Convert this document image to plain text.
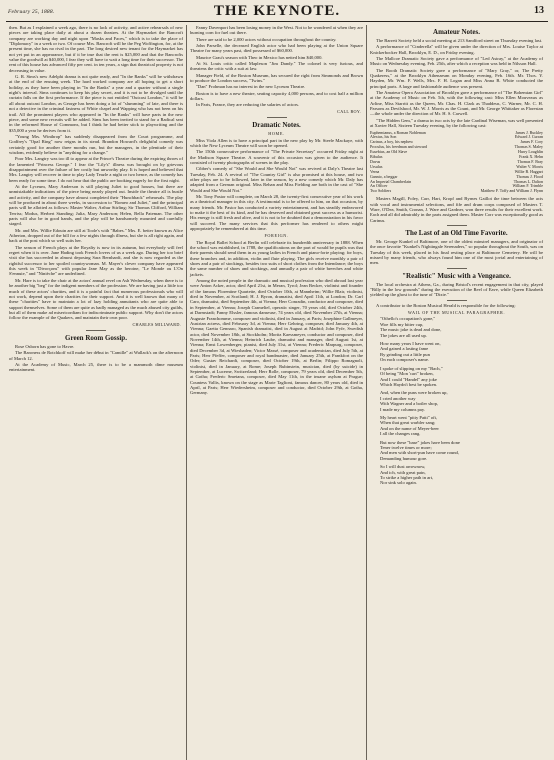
February 25, 1888.	THE KEYNOTE.	13

then. But as I explained a week ago, there is no lack of activity, and active rehearsals of new pieces are taking place daily at about a dozen theatres. At the Haymarket the Bancroft company are working day and night upon "Masks and Faces," which is to take the place of "Diplomacy" in a week or two. Of course Mrs. Bancroft will be the Peg Woffington, for, at the present time, she has no rival in the part. The long desired new tenant for the Haymarket has not yet put in an appearance, but if it be true that the rent is $25,000 and that the Bancrofts value the goodwill at $40,000, I fear they will have to wait a long time for their successor. The rent of this house has advanced fifty per cent. in ten years, a sign that theatrical property is not decreasing in value.

G. R. Sims's new Adelphi drama is not quite ready, and "In the Ranks" will be withdrawn at the end of the ensuing week. The hard worked company are all hoping to get a short holiday, as they have been playing in "In the Ranks" a year and a quarter without a single night's interval. Sims continues to keep his play secret, and it is not to be divulged until the curtain falls on the first performance. If the piece is not entitled "Outcast London," it will be all about outcast London, as George has been doing a lot of "slumming" of late, and there is not a detective in the criminal fastness of White chapel and Wapping who has not been on his trail. All the prominent players who appeared in "In the Ranks" will have parts in the new piece, and some new recruits will be added. Sims has been invited to stand for a Radical seat in the reformed House of Commons, but I think he had better stick to playwriting and the $35,000 a year he derives from it.

"Young Mrs. Winthrop" has suddenly disappeared from the Court programme, and Godfrey's "Opal Ring" now reigns in its stead. Brandon Howard's delightful comedy was certainly good for another three months run, but the managers, in the plenitude of their wisdom, evidently believe in "anything for a change."

Poor Mrs. Langtry was too ill to appear at the Prince's Theatre during the expiring throes of the lamented "Princess George." I fear the "Lily's" illness was brought on by grievous disappointment over the failure of her costly but unworthy play. It is hoped and believed that Mrs. Langtry will recover in time to play Lady Teazle a night or two hence, as the comedy has been ready for some time. I do not hear that the public are booking eagerly for the first night.

At the Lyceum, Mary Anderson is still playing Juliet to good houses, but there are unmistakable indications of the piece being nearly played out. Inside the theatre all is bustle and activity, and the company have almost completed their "Hunchback" rehearsals. The play will be produced in about three weeks, in succession to "Romeo and Juliet," and the principal parts will be allotted as follows: Master Walter, Arthur Stirling; Sir Thomas Clifford, William Terriss; Modus, Herbert Standing; Julia, Mary Anderson; Helen, Bella Pateman. The other parts will also be in good hands, and the play will be handsomely mounted and carefully staged.

Mr. and Mrs. Willie Edouin are still at Toole's with "Babes." Mrs. E. better known as Alice Atherton, dropped out of the bill for a few nights through illness, but she is all right again, and back at the post which so well suits her.

The season of French plays at the Royalty is now in its autumn, but everybody will feel regret when it is over. Jane Hading took French lovers of us a week ago. During her too brief visit she has succeeded in almost deposing Sara Bernhardt, and she is now regarded as the rightful successor to her spoiled countrywoman. M. Mayer's clever company have appeared this week in "Divorçons" with popular Jane May as the heroine, "Le Monde ou L'On S'ennuie," and "Ninièche" are underlined.

Mr. Hare is to take the chair at the actors' annual revel on Ash Wednesday, when there is to be another big "beg" for the indigent members of the profession. We are having just a little too much of these actors' charities, and it is a painful fact that numerous professionals who will not work, depend upon their charities for their support. And it is well known that many of these "charities" have to maintain a lot of lazy holding annuitants who are quite able to support themselves. Some of them are quite as badly managed as the much abused city guilds, but all of them make ad misericordiam for indiscriminate public support. Why don't the actors follow the example of the Quakers, and maintain their own poor.

CHARLES MILLWARD.

Green Room Gossip.

Rose Osborn has gone to Havre.

The Baroness de Rotchkoff will make her début in "Camille" at Wallack's on the afternoon of March 12.

At the Academy of Music, March 25, there is to be a mammoth dime museum entertainment.

Fanny Davenport has been losing money in the West. Not to be wondered at when they are burning corn for fuel out there.

There are said to be 2,000 actors without occupation throughout the country.

John Parselle, the deceased English actor who had been playing at the Union Square Theatre for many years past, died possessed of $60,000.

Maurice Grau's season with Theo in Mexico has netted him $40,000.

At St. Louis critic called Mapleson "Jim Dandy." The colonel is very furious, and threatens the critic with a suit at law.

Manager Field, of the Boston Museum, has secured the right from Simmonds and Brown to produce the London success, "Twins."

"Dan" Frohman has no interest in the new Lyceum Theatre.

Boston is to have a new theatre, seating capacity 4,000 persons, and to cost half a million dollars.

In Paris, France, they are reducing the salaries of actors.

CALL BOY.

Dramatic Notes.
HOME.

Miss Viola Allen is to have a principal part in the new play by Mr. Steele Mackaye, with which the New Lyceum Theatre will soon be opened.

The 150th consecutive performance of "The Private Secretary" occurred Friday night at the Madison Square Theatre. A souvenir of this occasion was given to the audience. It consisted of twenty photographs of scenes in the play.

Cibber's comedy of "She Would and She Would Not" was revived at Daly's Theatre last Tuesday, Feb. 24. A revival of "The Country Girl" is also promised at this house, and two other plays are to be followed, later in the season, by a new comedy which Mr. Daly has adapted from a German original. Miss Rehan and Miss Fielding are both in the cast of "She Would and She Would Not."

Mr. Tony Pastor will complete, on March 28, the twenty-first consecutive year of his work as a theatrical manager in this city. A testimonial is to be offered to him, on that occasion, by many friends. Mr. Pastor has conducted a variety entertainment, and has steadily endeavored to make it the best of its kind, and he has deserved and obtained great success as a humorist. His energy is still fresh and alive, and it is not to be doubted that a demonstration in his favor will succeed. The many services that this performer has rendered to others might appropriately be remembered at this time.

FOREIGN.

The Royal Ballet School at Berlin will celebrate its hundredth anniversary in 1888. When the school was established, in 1788, the qualifications on the part of would be pupils was that their parents should send them in as young ladies in French and piano-forte playing; for boys, these branches and, in addition, violin and flute playing. The girls receive monthly a pair of shoes and a pair of stockings, besides two suits of short clothes from the Intendance; the boys the same number of shoes and stockings, and annually a pair of white breeches and white jackets.

Among the noted people in the dramatic and musical profession who died abroad last year were Anton Acker, actor, died April 21st, in Meran, Tyrol; Jean Becker, violinist and founder of the famous Florentine Quartette, died October 10th, at Mannheim; Willie Blair, violinist, died in November, at Scotland; H. J. Byron, dramatist, died April 11th, at London; Dr. Carl Caro, dramatist, died September 4th, at Vienna; Herr Conradin, conductor and composer, died in September, at Vienna; Joseph Crameliel, operatic singer, 70 years old, died October 24th, at Darmstadt; Fanny Elssler, famous danseuse, 74 years old, died November 27th, at Vienna; Auguste Franchomme, composer and violinist, died in January, at Paris; Josephine Gallmeyer, Austrian actress, died February 3d, at Vienna; Herr Gehring, composer, died January 4th, at Vienna; Gaetta Gennaro, Spanish dramatist, died in August at Madrid; John Fyfe, Swedish actor, died November 18th, at Stockholm; Moritz Kaessmeyer, conductor and composer, died November 14th, at Vienna; Heinrich Laube, dramatist and manager, died August 1st, at Vienna; Ernst Lowenberger, pianist, died July 31st, at Vienna; Frederic Marpurg, composer, died December 3d, at Wiesbaden; Victor Massé, composer and academician, died July 5th, at Paris; Herr Pfeffer, composer and royal bandmaster, died January 25th, at Frankfort on the Oder; Gustav Reichardt, composer, died October 19th, at Berlin; Filippo Romagnoli, violinist, died in January, at Rome; Joseph Rubinstein, musician, died (by suicide) in September, at Lucerne, Switzerland; Herr Rolle, composer, 79 years old, died December 5th, at Gotha; Frederic Smetana, composer, died May 11th, in the insane asylum at Prague; Countess Vallis, known on the stage as Marie Taglioni, famous dancer, 80 years old, died in April, at Paris; Herr Wiedersheim, composer and conductor, died October 29th, at Gotha, Germany.

Amateur Notes.

The Barrett Society held a social meeting at 213 Sandford street on Thursday evening last.

A performance of "Cinderella" will be given under the direction of Mrs. Louise Taylor at Knickerbocker Hall, Brooklyn, E. D., on Friday evening.

The Mallcoe Dramatic Society gave a performance of "Led Astray," at the Academy of Music on Wednesday evening, Feb. 25th, after which a reception was held in Nilsson Hall.

The Booth Dramatic Society gave a performance of "Mary Gray," or, The Pretty Quakeress," at the Brooklyn Athenaeum on Monday evening, Feb. 16th. Mr. Thos. Y. Hayden, Mr. Wm. F. Wells, Mrs. F. H. Logan and Miss Anna B. White conducted the principal parts. A large and fashionable audience was present.

The Amateur Opera Association of Brooklyn gave a performance of "The Bohemian Girl" at the Academy of Music on Feb. 5th, with the following cast: Miss Ellen Mouveaux as Arline, Miss Starritt as the Queen, Mr. Chas. H. Clark as Thaddeus, C. Warner, Mr. C. H. Parsons as Devilshoof, Mr. W. J. Morris as the Count, and Mr. George Whittaker as Florestan—the whole under the direction of Mr. H. S. Carwell.

"The Hidden Gem," a drama in two acts by the late Cardinal Wiseman, was well presented at Xavier Hall, Sixteen Tuesday evening, by the following cast:

Euphemianus, a Roman Nobleman	James J. Buckley
Alexius, his Son	Edward J. Curran
Carinus, a boy, his nephew	James F. Cory
Proculus, his freedman and steward	Thomas S. Maley
Eusebius, an Old Slave	Harry Loughlin
Bibulus	Frank X. Hehn
Davus	Thomas F. Bray
Ursulus	Walter V. Morris
Verna	Willie B. Haggart
Gannio, a beggar	Thomas J. Flood
An Imperial Chamberlain	Thomas L. Dalton
An Officer	William F. Trimble
Two Soldiers	Matthew F. Toffy and William J. Flynn

Masters Magill, Foley, Carr, Hart, Kropf and Byrnes Gaillot the time between the acts with vocal and instrumental selections, and fife and drum corps composed of Masters T. Ware, O'Dea, Smith, Cronan, J. Ware and Gardner, won three results for their excellent work. Each and all did admirably in the parts assigned them. Master Corr was exceptionally good as Carinus.

The Last of an Old Time Favorite.

Mr. George Kunkel of Baltimore, one of the oldest minstrel managers, and originator of the once favorite "Kunkel's Nightingale Serenaders," so popular throughout the South, was on Tuesday of this week, placed in his final resting place at Baltimore Cemetery. He will be missed by many friends, who always found him one of the most jovial and entertaining of men.

"Realistic" Music with a Vengeance.

The local orchestra at Athens, Ga., during Bristol's recent engagement in that city, played "Billy in the low grounds" during the execution of the Reel of Eave, while Queen Elizabeth yielded up the ghost to the tune of "Dixie."

A contributor to the Boston Musical Herald is responsible for the following:

WAIL OF THE MUSICAL PARAGRAPHER.
"Othello's occupation's gone,"
Woe fills my bitter cup,
The music joke is dead and done,
The jokes are all used up.
How many years I have went on,
And gained a lasting fame
By grinding out a little pun
On each composer's name.
I spoke of slipping on my "Bach,"
Of being "Mon 'cart" broken,
And I could "Handel" any joke
Which Haydn't best be spoken.
And, when the puns were broken up,
I cried another way
With Wagner and a boiler shop,
I made my columns pay.
My heart went "pitty Patti" oft,
When that great warbler sang;
And on the name of Meyer-beer
I all the changes rang.
But now these "base" jokes have been done
Tener twelve times or more;
And men with short-pun have come round,
Demanding humour gore.
So I will dust arrownow,
And ich, with great pain,
To strike a higher path in art,
Nor sink solo again.
